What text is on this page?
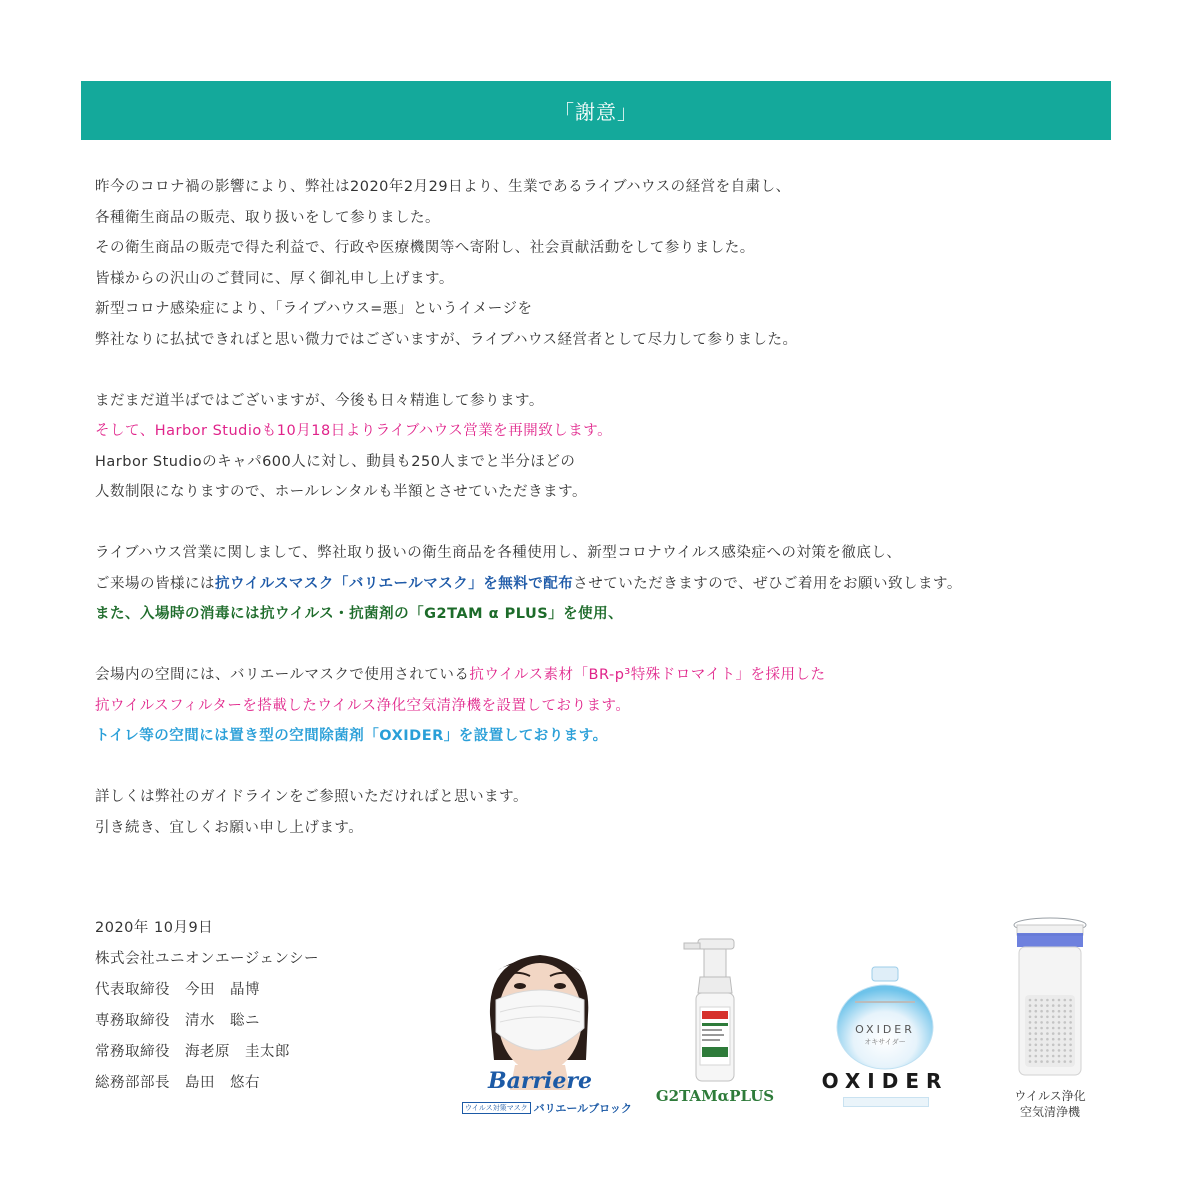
「謝意」
昨今のコロナ禍の影響により、弊社は2020年2月29日より、生業であるライブハウスの経営を自粛し、
各種衛生商品の販売、取り扱いをして参りました。
その衛生商品の販売で得た利益で、行政や医療機関等へ寄附し、社会貢献活動をして参りました。
皆様からの沢山のご賛同に、厚く御礼申し上げます。
新型コロナ感染症により、「ライブハウス=悪」というイメージを
弊社なりに払拭できればと思い微力ではございますが、ライブハウス経営者として尽力して参りました。
まだまだ道半ばではございますが、今後も日々精進して参ります。
そして、Harbor Studioも10月18日よりライブハウス営業を再開致します。
Harbor Studioのキャパ600人に対し、動員も250人までと半分ほどの
人数制限になりますので、ホールレンタルも半額とさせていただきます。
ライブハウス営業に関しまして、弊社取り扱いの衛生商品を各種使用し、新型コロナウイルス感染症への対策を徹底し、
ご来場の皆様には抗ウイルスマスク「バリエールマスク」を無料で配布させていただきますので、ぜひご着用をお願い致します。
また、入場時の消毒には抗ウイルス・抗菌剤の「G2TAM α PLUS」を使用、
会場内の空間には、バリエールマスクで使用されている抗ウイルス素材「BR-p³特殊ドロマイト」を採用した
抗ウイルスフィルターを搭載したウイルス浄化空気清浄機を設置しております。
トイレ等の空間には置き型の空間除菌剤「OXIDER」を設置しております。
詳しくは弊社のガイドラインをご参照いただければと思います。
引き続き、宜しくお願い申し上げます。
2020年 10月9日
株式会社ユニオンエージェンシー
代表取締役　今田　晶博
専務取締役　清水　聡ニ
常務取締役　海老原　圭太郎
総務部部長　島田　悠右	Barriere
ウイルス対策マスク バリエールブロック
G2TAMαPLUS
OXIDER
オキサイダー
OXIDER
ウイルス浄化
空気清浄機
